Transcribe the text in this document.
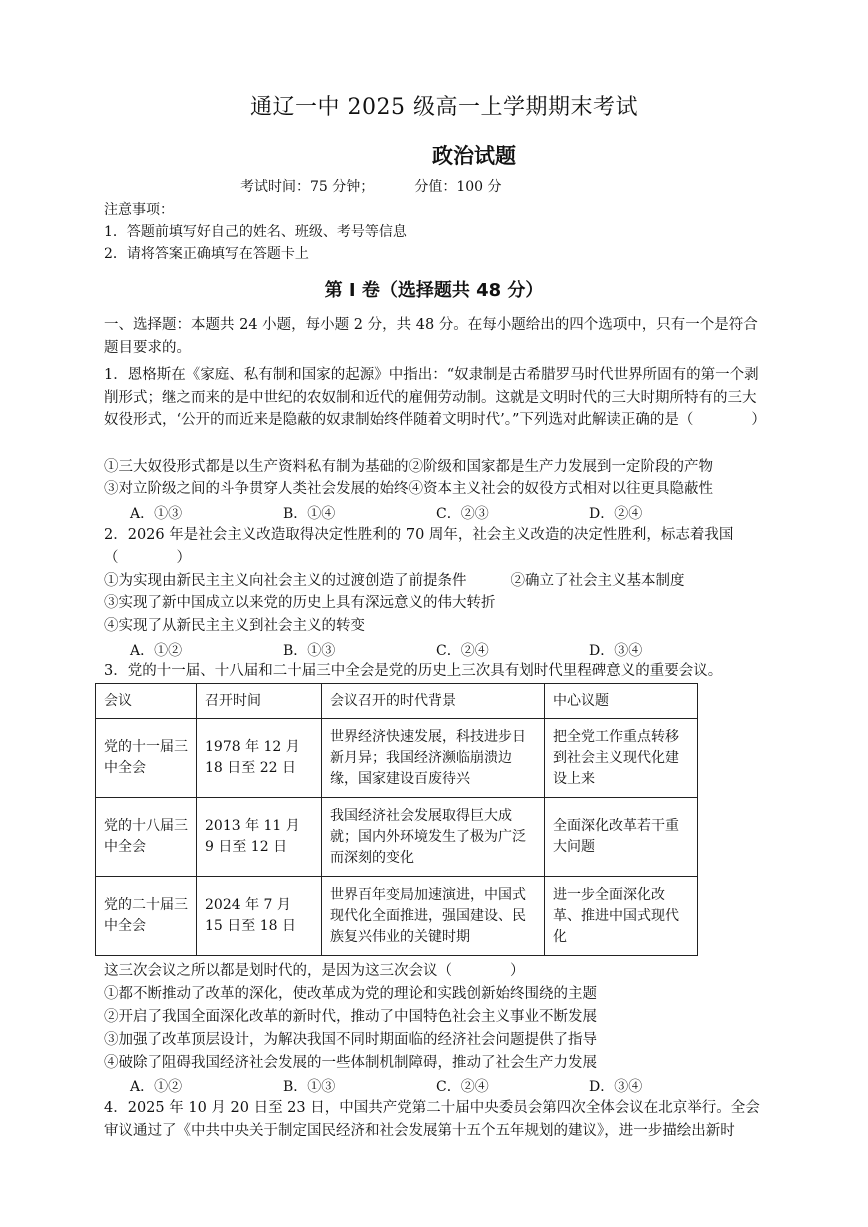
通辽一中 2025 级高一上学期期末考试
政治试题
考试时间：75 分钟；	分值：100 分
注意事项：
1．答题前填写好自己的姓名、班级、考号等信息
2．请将答案正确填写在答题卡上
第 I 卷（选择题共 48 分）
一、选择题：本题共 24 小题，每小题 2 分，共 48 分。在每小题给出的四个选项中，只有一个是符合题目要求的。
1．恩格斯在《家庭、私有制和国家的起源》中指出：“奴隶制是古希腊罗马时代世界所固有的第一个剥削形式；继之而来的是中世纪的农奴制和近代的雇佣劳动制。这就是文明时代的三大时期所特有的三大奴役形式，‘公开的而近来是隐蔽的奴隶制始终伴随着文明时代’。”下列选对此解读正确的是（　　　　）
①三大奴役形式都是以生产资料私有制为基础的②阶级和国家都是生产力发展到一定阶段的产物
③对立阶级之间的斗争贯穿人类社会发展的始终④资本主义社会的奴役方式相对以往更具隐蔽性
A．①③	B．①④	C．②③	D．②④
2．2026 年是社会主义改造取得决定性胜利的 70 周年，社会主义改造的决定性胜利，标志着我国（　　　　）
①为实现由新民主主义向社会主义的过渡创造了前提条件	②确立了社会主义基本制度
③实现了新中国成立以来党的历史上具有深远意义的伟大转折
④实现了从新民主主义到社会主义的转变
A．①②	B．①③	C．②④	D．③④
3．党的十一届、十八届和二十届三中全会是党的历史上三次具有划时代里程碑意义的重要会议。
会议	召开时间	会议召开的时代背景	中心议题
党的十一届三中全会	1978 年 12 月 18 日至 22 日	世界经济快速发展，科技进步日新月异；我国经济濒临崩溃边缘，国家建设百废待兴	把全党工作重点转移到社会主义现代化建设上来
党的十八届三中全会	2013 年 11 月 9 日至 12 日	我国经济社会发展取得巨大成就；国内外环境发生了极为广泛而深刻的变化	全面深化改革若干重大问题
党的二十届三中全会	2024 年 7 月 15 日至 18 日	世界百年变局加速演进，中国式现代化全面推进，强国建设、民族复兴伟业的关键时期	进一步全面深化改革、推进中国式现代化
这三次会议之所以都是划时代的，是因为这三次会议（　　　　）
①都不断推动了改革的深化，使改革成为党的理论和实践创新始终围绕的主题
②开启了我国全面深化改革的新时代，推动了中国特色社会主义事业不断发展
③加强了改革顶层设计，为解决我国不同时期面临的经济社会问题提供了指导
④破除了阻碍我国经济社会发展的一些体制机制障碍，推动了社会生产力发展
A．①②	B．①③	C．②④	D．③④
4．2025 年 10 月 20 日至 23 日，中国共产党第二十届中央委员会第四次全体会议在北京举行。全会审议通过了《中共中央关于制定国民经济和社会发展第十五个五年规划的建议》，进一步描绘出新时
